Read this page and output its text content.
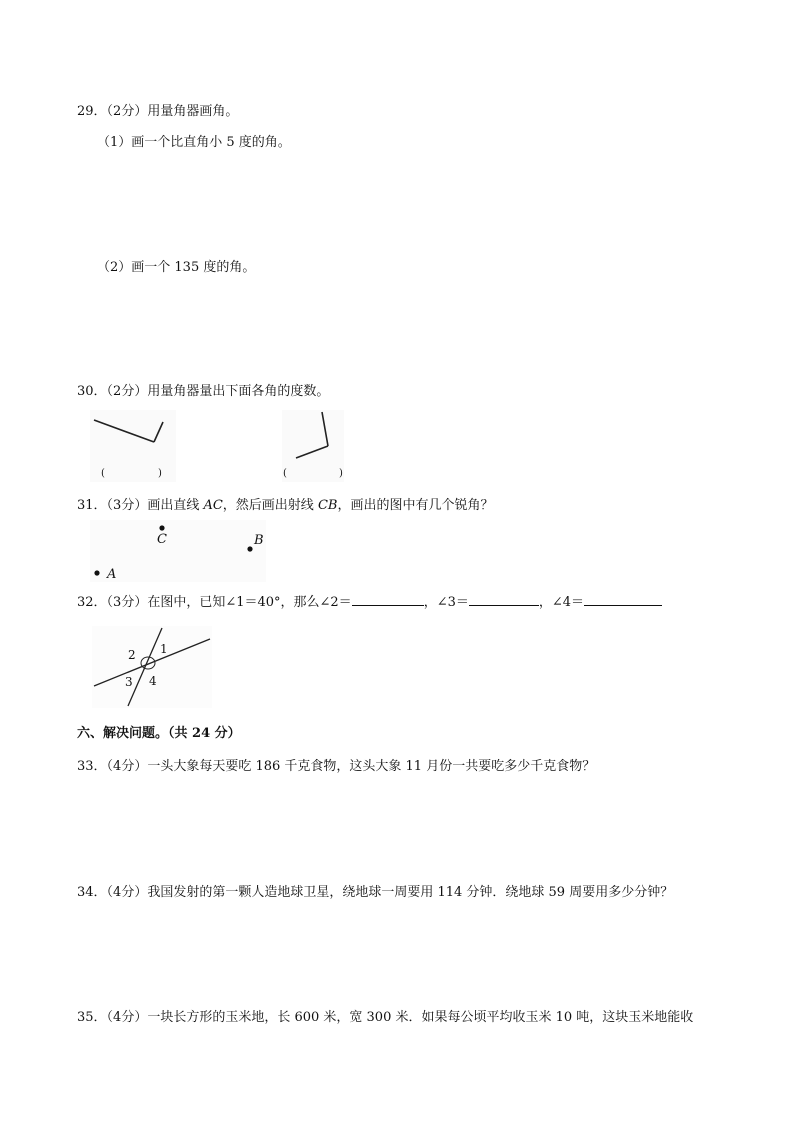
29．（2分）用量角器画角。
（1）画一个比直角小 5 度的角。
（2）画一个 135 度的角。
30．（2分）用量角器量出下面各角的度数。
(	)	(	)
31．（3分）画出直线 AC，然后画出射线 CB，画出的图中有几个锐角？
C	B
A
32．（3分）在图中，已知∠1＝40°，那么∠2＝	，∠3＝	，∠4＝
1
2
3 4
六、解决问题。（共 24 分）
33．（4分）一头大象每天要吃 186 千克食物，这头大象 11 月份一共要吃多少千克食物？
34．（4分）我国发射的第一颗人造地球卫星，绕地球一周要用 114 分钟．绕地球 59 周要用多少分钟？
35．（4分）一块长方形的玉米地，长 600 米，宽 300 米．如果每公顷平均收玉米 10 吨，这块玉米地能收
